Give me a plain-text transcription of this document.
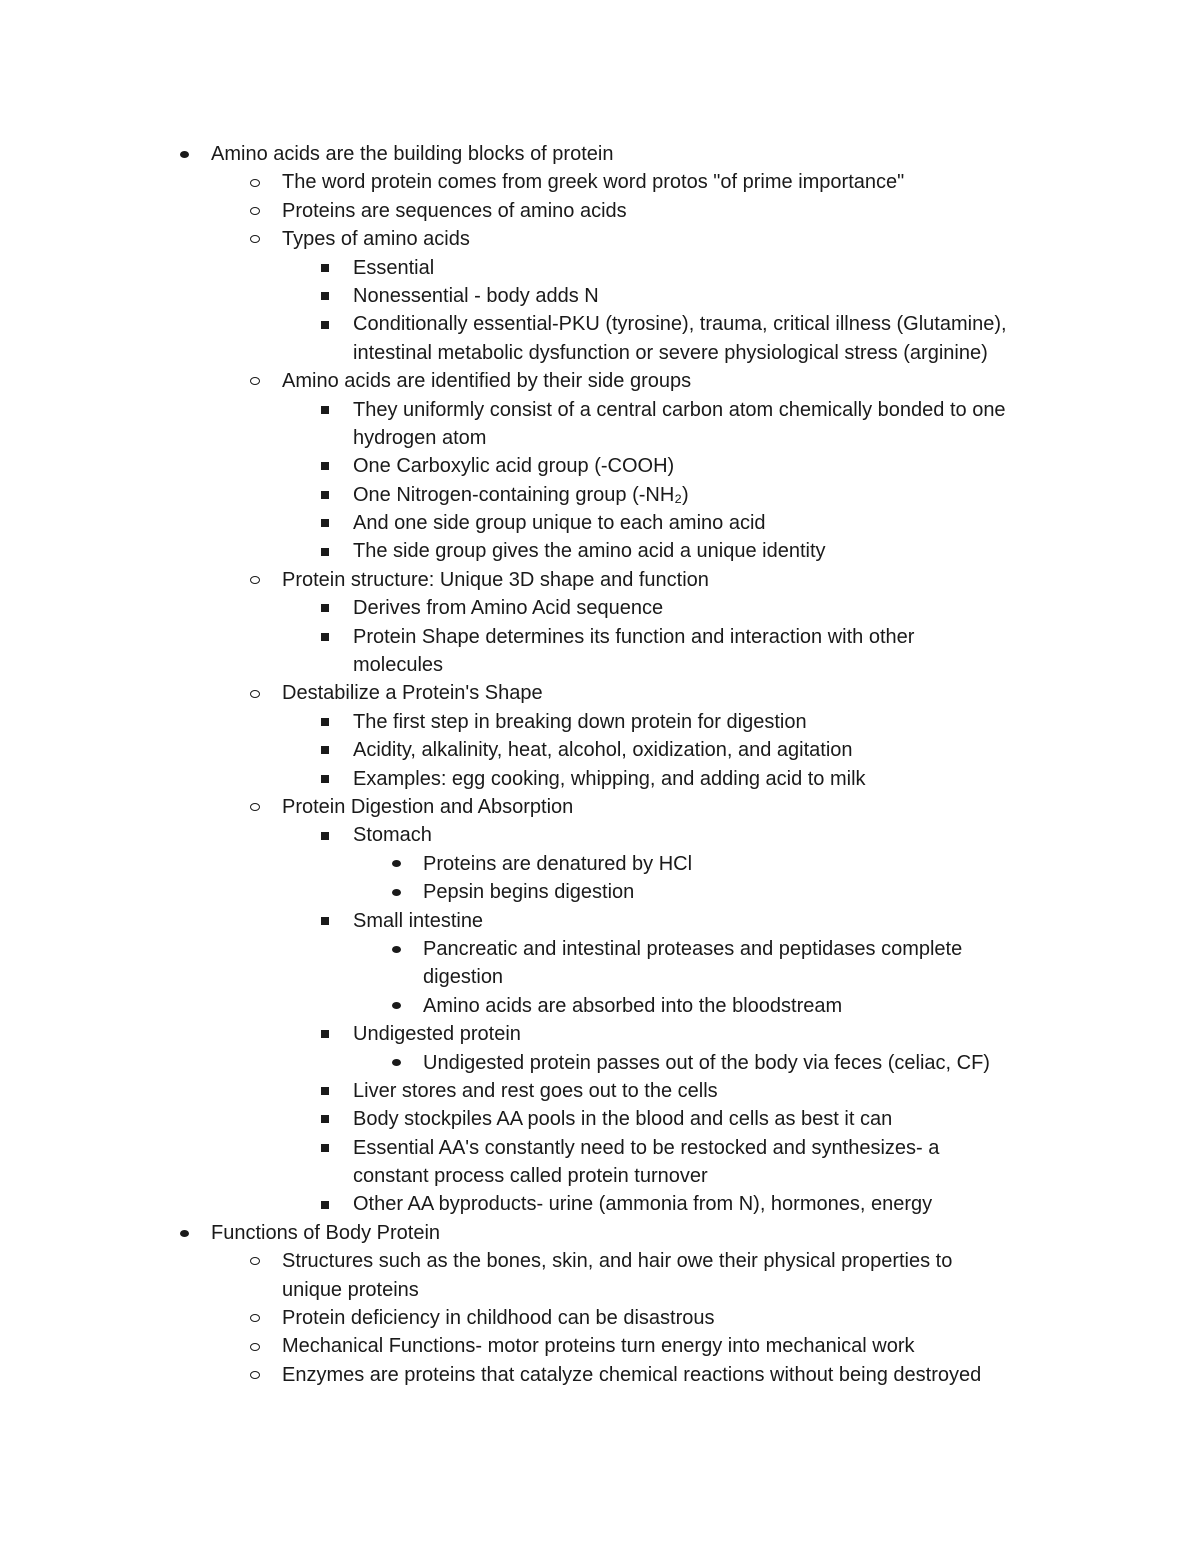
Amino acids are the building blocks of protein
The word protein comes from greek word protos "of prime importance"
Proteins are sequences of amino acids
Types of amino acids
Essential
Nonessential - body adds N
Conditionally essential-PKU (tyrosine), trauma, critical illness (Glutamine),
intestinal metabolic dysfunction or severe physiological stress (arginine)
Amino acids are identified by their side groups
They uniformly consist of a central carbon atom chemically bonded to one
hydrogen atom
One Carboxylic acid group (-COOH)
One Nitrogen-containing group (-NH₂)
And one side group unique to each amino acid
The side group gives the amino acid a unique identity
Protein structure: Unique 3D shape and function
Derives from Amino Acid sequence
Protein Shape determines its function and interaction with other
molecules
Destabilize a Protein's Shape
The first step in breaking down protein for digestion
Acidity, alkalinity, heat, alcohol, oxidization, and agitation
Examples: egg cooking, whipping, and adding acid to milk
Protein Digestion and Absorption
Stomach
Proteins are denatured by HCl
Pepsin begins digestion
Small intestine
Pancreatic and intestinal proteases and peptidases complete
digestion
Amino acids are absorbed into the bloodstream
Undigested protein
Undigested protein passes out of the body via feces (celiac, CF)
Liver stores and rest goes out to the cells
Body stockpiles AA pools in the blood and cells as best it can
Essential AA's constantly need to be restocked and synthesizes- a
constant process called protein turnover
Other AA byproducts- urine (ammonia from N), hormones, energy
Functions of Body Protein
Structures such as the bones, skin, and hair owe their physical properties to
unique proteins
Protein deficiency in childhood can be disastrous
Mechanical Functions- motor proteins turn energy into mechanical work
Enzymes are proteins that catalyze chemical reactions without being destroyed
